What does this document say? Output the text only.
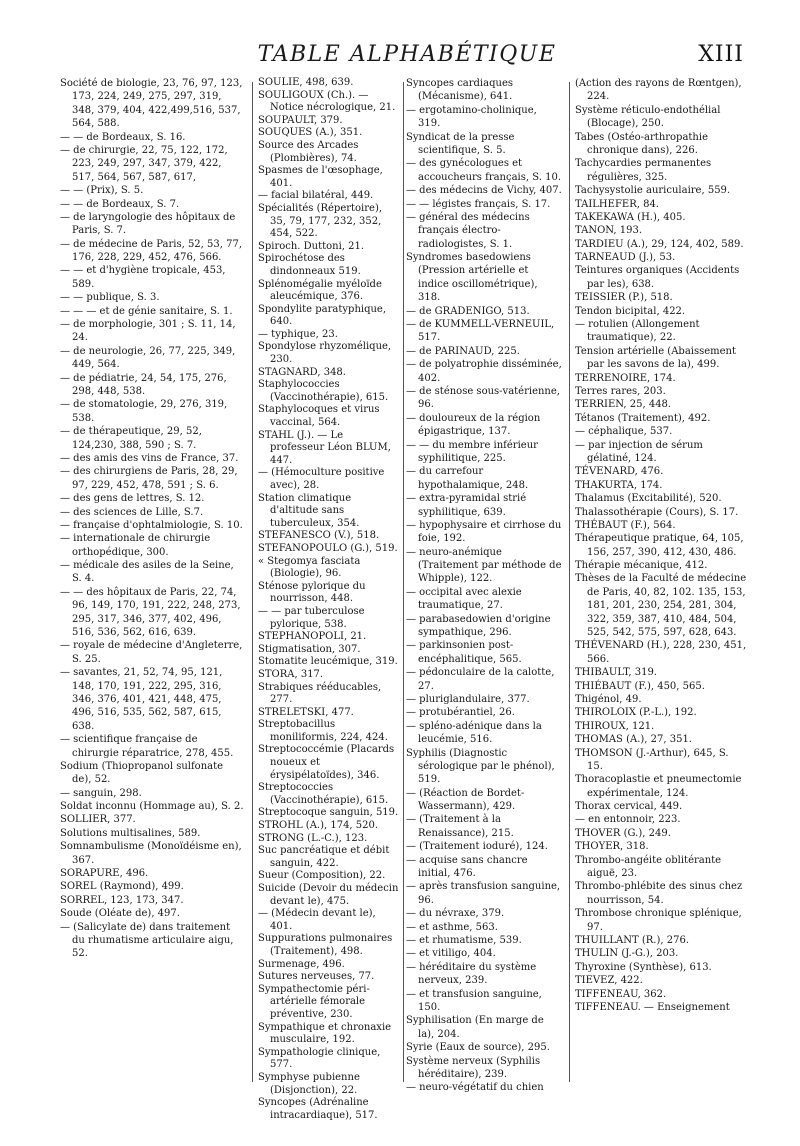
TABLE ALPHABÉTIQUE	XIII

Société de biologie, 23, 76, 97, 123, 173, 224, 249, 275, 297, 319, 348, 379, 404, 422,499,516, 537, 564, 588.

— — de Bordeaux, S. 16.

— de chirurgie, 22, 75, 122, 172, 223, 249, 297, 347, 379, 422, 517, 564, 567, 587, 617,

— — (Prix), S. 5.

— — de Bordeaux, S. 7.

— de laryngologie des hôpitaux de Paris, S. 7.

— de médecine de Paris, 52, 53, 77, 176, 228, 229, 452, 476, 566.

— — et d'hygiène tropicale, 453, 589.

— — publique, S. 3.

— — — et de génie sanitaire, S. 1.

— de morphologie, 301 ; S. 11, 14, 24.

— de neurologie, 26, 77, 225, 349, 449, 564.

— de pédiatrie, 24, 54, 175, 276, 298, 448, 538.

— de stomatologie, 29, 276, 319, 538.

— de thérapeutique, 29, 52, 124,230, 388, 590 ; S. 7.

— des amis des vins de France, 37.

— des chirurgiens de Paris, 28, 29, 97, 229, 452, 478, 591 ; S. 6.

— des gens de lettres, S. 12.

— des sciences de Lille, S.7.

— française d'ophtalmiologie, S. 10.

— internationale de chirurgie orthopédique, 300.

— médicale des asiles de la Seine, S. 4.

— — des hôpitaux de Paris, 22, 74, 96, 149, 170, 191, 222, 248, 273, 295, 317, 346, 377, 402, 496, 516, 536, 562, 616, 639.

— royale de médecine d'Angleterre, S. 25.

— savantes, 21, 52, 74, 95, 121, 148, 170, 191, 222, 295, 316, 346, 376, 401, 421, 448, 475, 496, 516, 535, 562, 587, 615, 638.

— scientifique française de chirurgie réparatrice, 278, 455.

Sodium (Thiopropanol sulfonate de), 52.

— sanguin, 298.

Soldat inconnu (Hommage au), S. 2.

SOLLIER, 377.

Solutions multisalines, 589.

Somnambulisme (Monoïdéisme en), 367.

SORAPURE, 496.

SOREL (Raymond), 499.

SORREL, 123, 173, 347.

Soude (Oléate de), 497.

— (Salicylate de) dans traitement du rhumatisme articulaire aigu, 52.

SOULIÉ, 498, 639.

SOULIGOUX (Ch.). — Notice nécrologique, 21.

SOUPAULT, 379.

SOUQUES (A.), 351.

Source des Arcades (Plombières), 74.

Spasmes de l'œsophage, 401.

— facial bilatéral, 449.

Spécialités (Répertoire), 35, 79, 177, 232, 352, 454, 522.

Spiroch. Duttoni, 21.

Spirochétose des dindonneaux 519.

Splénomégalie myéloïde aleucémique, 376.

Spondylite paratyphique, 640.

— typhique, 23.

Spondylose rhyzomélique, 230.

STAGNARD, 348.

Staphylococcies (Vaccinothérapie), 615.

Staphylocoques et virus vaccinal, 564.

STAHL (J.). — Le professeur Léon BLUM, 447.

— (Hémoculture positive avec), 28.

Station climatique d'altitude sans tuberculeux, 354.

STEFANESCO (V.), 518.

STEFANOPOULO (G.), 519.

« Stegomya fasciata (Biologie), 96.

Sténose pylorique du nourrisson, 448.

— — par tuberculose pylorique, 538.

STEPHANOPOLI, 21.

Stigmatisation, 307.

Stomatite leucémique, 319.

STORA, 317.

Strabiques rééducables, 277.

STRELETSKI, 477.

Streptobacillus moniliformis, 224, 424.

Streptococcémie (Placards noueux et érysipélatoïdes), 346.

Streptococcies (Vaccinothérapie), 615.

Streptocoque sanguin, 519.

STROHL (A.), 174, 520.

STRONG (L.-C.), 123.

Suc pancréatique et débit sanguin, 422.

Sueur (Composition), 22.

Suicide (Devoir du médecin devant le), 475.

— (Médecin devant le), 401.

Suppurations pulmonaires (Traitement), 498.

Surmenage, 496.

Sutures nerveuses, 77.

Sympathectomie péri-artérielle fémorale préventive, 230.

Sympathique et chronaxie musculaire, 192.

Sympathologie clinique, 577.

Symphyse pubienne (Disjonction), 22.

Syncopes (Adrénaline intracardiaque), 517.

Syncopes cardiaques (Mécanisme), 641.

— ergotamino-cholinique, 319.

Syndicat de la presse scientifique, S. 5.

— des gynécologues et accoucheurs français, S. 10.

— des médecins de Vichy, 407.

— — légistes français, S. 17.

— général des médecins français électro-radiologistes, S. 1.

Syndromes basedowiens (Pression artérielle et indice oscillométrique), 318.

— de GRADENIGO, 513.

— de KUMMELL-VERNEUIL, 517.

— de PARINAUD, 225.

— de polyatrophie disséminée, 402.

— de sténose sous-vatérienne, 96.

— douloureux de la région épigastrique, 137.

— — du membre inférieur syphilitique, 225.

— du carrefour hypothalamique, 248.

— extra-pyramidal strié syphilitique, 639.

— hypophysaire et cirrhose du foie, 192.

— neuro-anémique (Traitement par méthode de Whipple), 122.

— occipital avec alexie traumatique, 27.

— parabasedowien d'origine sympathique, 296.

— parkinsonien post-encéphalitique, 565.

— pédonculaire de la calotte, 27.

— pluriglandulaire, 377.

— protubérantiel, 26.

— spléno-adénique dans la leucémie, 516.

Syphilis (Diagnostic sérologique par le phénol), 519.

— (Réaction de Bordet-Wassermann), 429.

— (Traitement à la Renaissance), 215.

— (Traitement ioduré), 124.

— acquise sans chancre initial, 476.

— après transfusion sanguine, 96.

— du névraxe, 379.

— et asthme, 563.

— et rhumatisme, 539.

— et vitiligo, 404.

— héréditaire du système nerveux, 239.

— et transfusion sanguine, 150.

Syphilisation (En marge de la), 204.

Syrie (Eaux de source), 295.

Système nerveux (Syphilis héréditaire), 239.

— neuro-végétatif du chien

(Action des rayons de Rœntgen), 224.

Système réticulo-endothélial (Blocage), 250.

Tabes (Ostéo-arthropathie chronique dans), 226.

Tachycardies permanentes régulières, 325.

Tachysystolie auriculaire, 559.

TAILHEFER, 84.

TAKEKAWA (H.), 405.

TANON, 193.

TARDIEU (A.), 29, 124, 402, 589.

TARNEAUD (J.), 53.

Teintures organiques (Accidents par les), 638.

TEISSIER (P.), 518.

Tendon bicipital, 422.

— rotulien (Allongement traumatique), 22.

Tension artérielle (Abaissement par les savons de la), 499.

TERRENOIRE, 174.

Terres rares, 203.

TERRIEN, 25, 448.

Tétanos (Traitement), 492.

— céphalique, 537.

— par injection de sérum gélatiné, 124.

TÉVENARD, 476.

THAKURTA, 174.

Thalamus (Excitabilité), 520.

Thalassothérapie (Cours), S. 17.

THÉBAUT (F.), 564.

Thérapeutique pratique, 64, 105, 156, 257, 390, 412, 430, 486.

Thérapie mécanique, 412.

Thèses de la Faculté de médecine de Paris, 40, 82, 102. 135, 153, 181, 201, 230, 254, 281, 304, 322, 359, 387, 410, 484, 504, 525, 542, 575, 597, 628, 643.

THÉVENARD (H.), 228, 230, 451, 566.

THIBAULT, 319.

THIÉBAUT (F.), 450, 565.

Thigénol, 49.

THIROLOIX (P.-L.), 192.

THIROUX, 121.

THOMAS (A.), 27, 351.

THOMSON (J.-Arthur), 645, S. 15.

Thoracoplastie et pneumectomie expérimentale, 124.

Thorax cervical, 449.

— en entonnoir, 223.

THOVER (G.), 249.

THOYER, 318.

Thrombo-angéite oblitérante aiguë, 23.

Thrombo-phlébite des sinus chez nourrisson, 54.

Thrombose chronique splénique, 97.

THUILLANT (R.), 276.

THULIN (J.-G.), 203.

Thyroxine (Synthèse), 613.

TIEVEZ, 422.

TIFFENEAU, 362.

TIFFENEAU. — Enseignement
